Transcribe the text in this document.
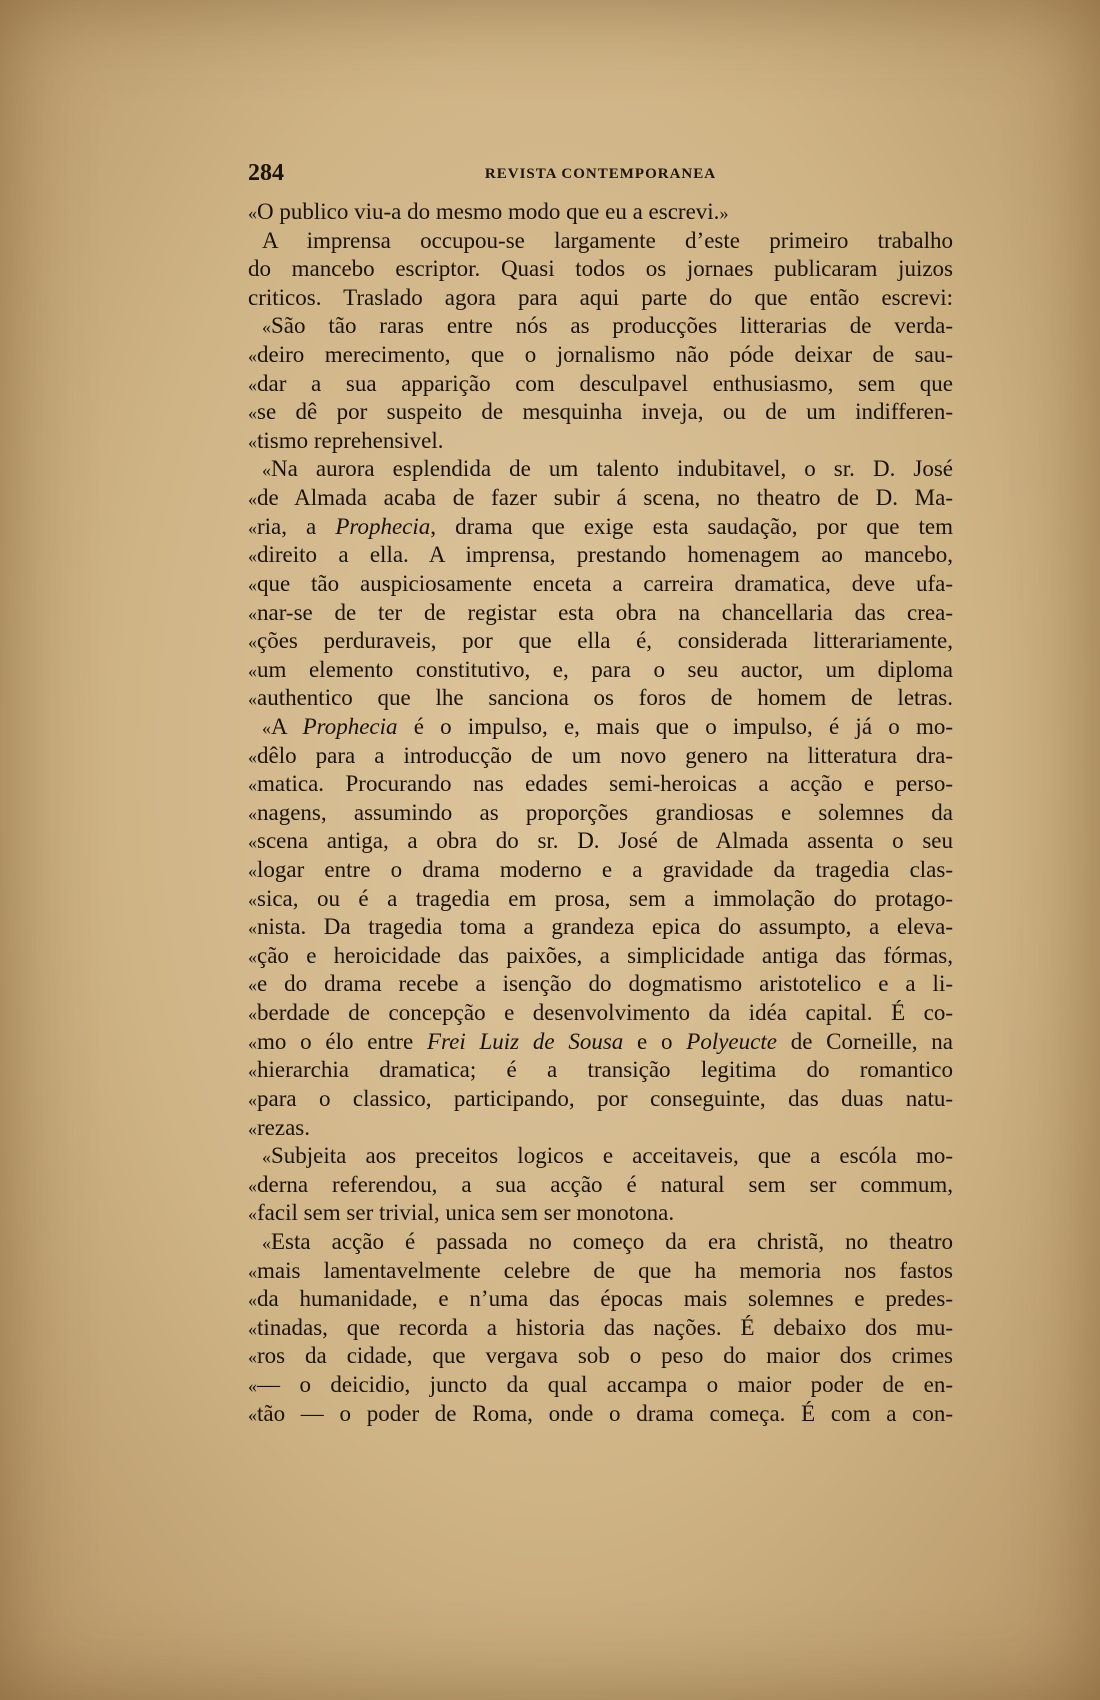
284	REVISTA CONTEMPORANEA
«O publico viu-a do mesmo modo que eu a escrevi.»
A imprensa occupou-se largamente d’este primeiro trabalho
do mancebo escriptor. Quasi todos os jornaes publicaram juizos
criticos. Traslado agora para aqui parte do que então escrevi:
«São tão raras entre nós as producções litterarias de verda-
«deiro merecimento, que o jornalismo não póde deixar de sau-
«dar a sua apparição com desculpavel enthusiasmo, sem que
«se dê por suspeito de mesquinha inveja, ou de um indifferen-
«tismo reprehensivel.
«Na aurora esplendida de um talento indubitavel, o sr. D. José
«de Almada acaba de fazer subir á scena, no theatro de D. Ma-
«ria, a Prophecia, drama que exige esta saudação, por que tem
«direito a ella. A imprensa, prestando homenagem ao mancebo,
«que tão auspiciosamente enceta a carreira dramatica, deve ufa-
«nar-se de ter de registar esta obra na chancellaria das crea-
«ções perduraveis, por que ella é, considerada litterariamente,
«um elemento constitutivo, e, para o seu auctor, um diploma
«authentico que lhe sanciona os foros de homem de letras.
«A Prophecia é o impulso, e, mais que o impulso, é já o mo-
«dêlo para a introducção de um novo genero na litteratura dra-
«matica. Procurando nas edades semi-heroicas a acção e perso-
«nagens, assumindo as proporções grandiosas e solemnes da
«scena antiga, a obra do sr. D. José de Almada assenta o seu
«logar entre o drama moderno e a gravidade da tragedia clas-
«sica, ou é a tragedia em prosa, sem a immolação do protago-
«nista. Da tragedia toma a grandeza epica do assumpto, a eleva-
«ção e heroicidade das paixões, a simplicidade antiga das fórmas,
«e do drama recebe a isenção do dogmatismo aristotelico e a li-
«berdade de concepção e desenvolvimento da idéa capital. É co-
«mo o élo entre Frei Luiz de Sousa e o Polyeucte de Corneille, na
«hierarchia dramatica; é a transição legitima do romantico
«para o classico, participando, por conseguinte, das duas natu-
«rezas.
«Subjeita aos preceitos logicos e acceitaveis, que a escóla mo-
«derna referendou, a sua acção é natural sem ser commum,
«facil sem ser trivial, unica sem ser monotona.
«Esta acção é passada no começo da era christã, no theatro
«mais lamentavelmente celebre de que ha memoria nos fastos
«da humanidade, e n’uma das épocas mais solemnes e predes-
«tinadas, que recorda a historia das nações. É debaixo dos mu-
«ros da cidade, que vergava sob o peso do maior dos crimes
«— o deicidio, juncto da qual accampa o maior poder de en-
«tão — o poder de Roma, onde o drama começa. É com a con-
